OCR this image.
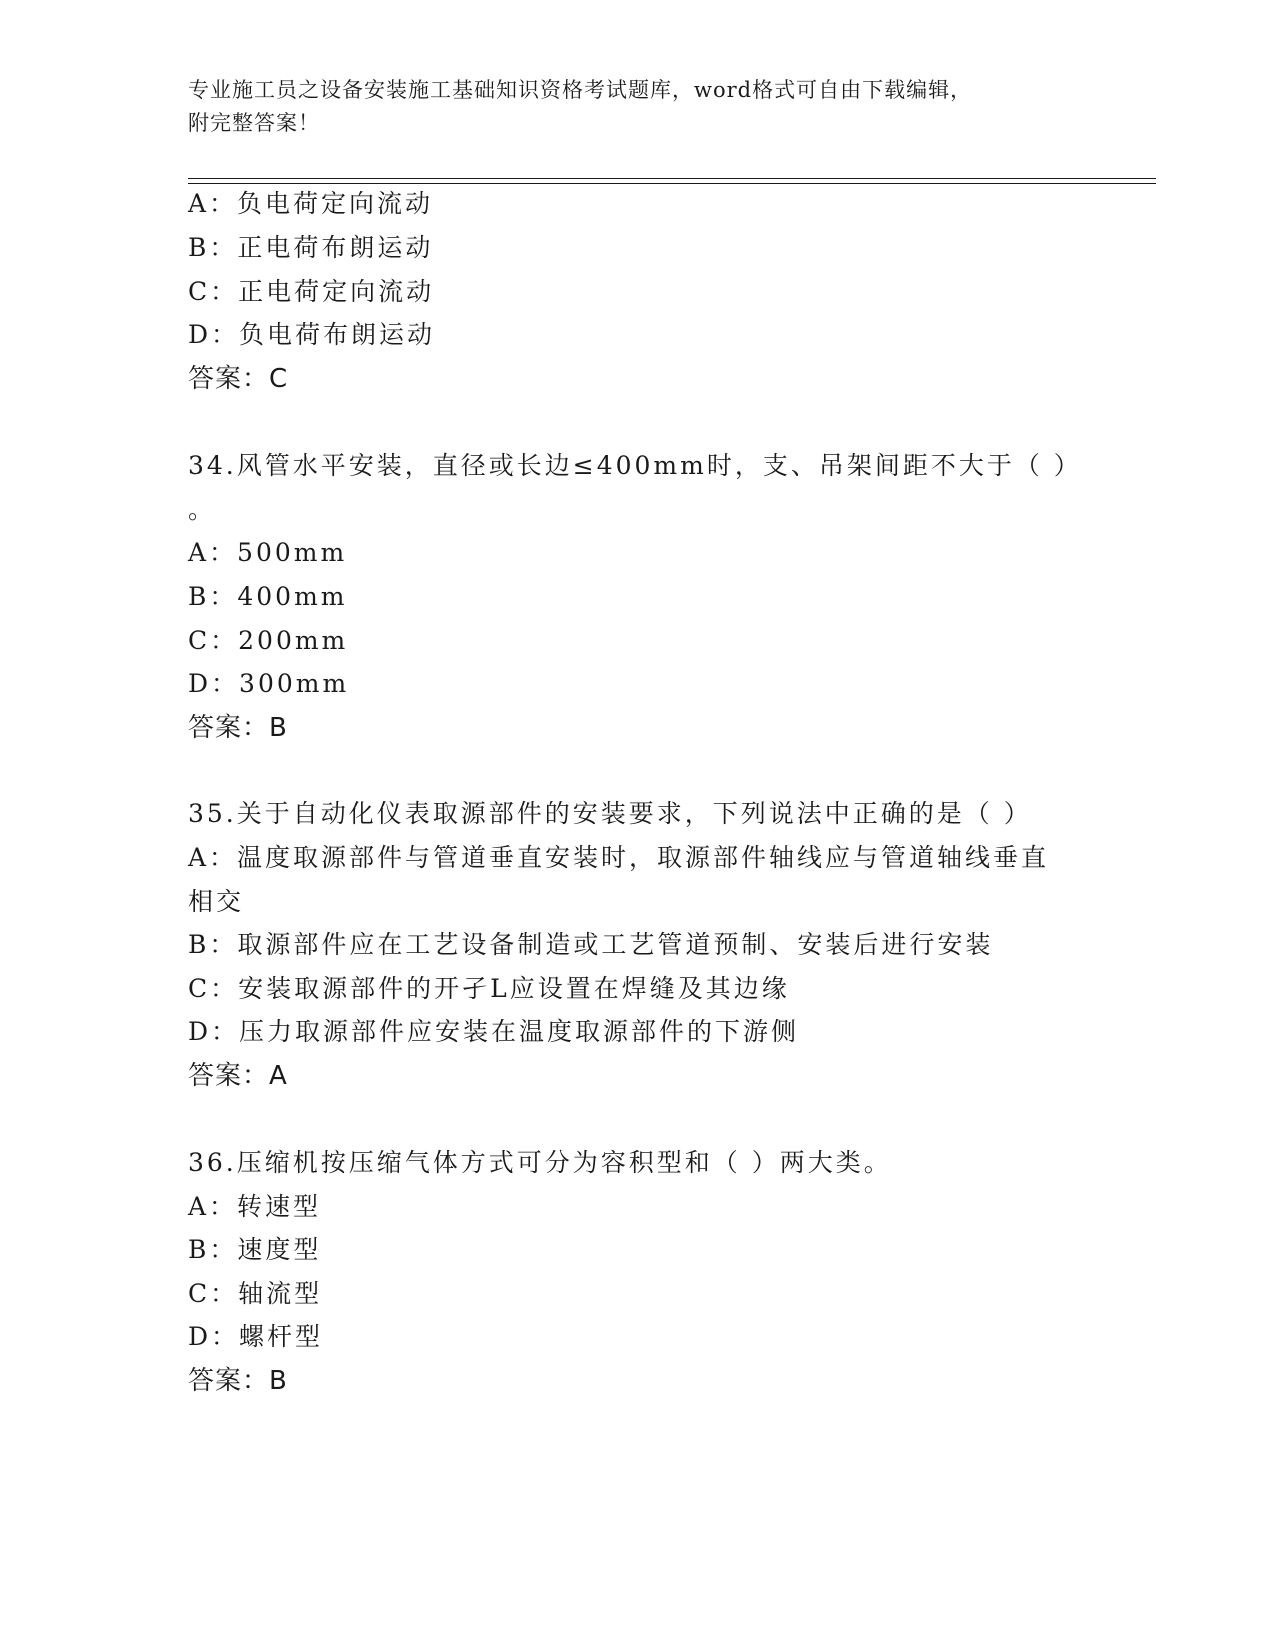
专业施工员之设备安装施工基础知识资格考试题库，word格式可自由下载编辑，
附完整答案！
A：负电荷定向流动
B：正电荷布朗运动
C：正电荷定向流动
D：负电荷布朗运动
答案：C
34.风管水平安装，直径或长边≤400mm时，支、吊架间距不大于（ ）
。
A：500mm
B：400mm
C：200mm
D：300mm
答案：B
35.关于自动化仪表取源部件的安装要求，下列说法中正确的是（ ）
A：温度取源部件与管道垂直安装时，取源部件轴线应与管道轴线垂直
相交
B：取源部件应在工艺设备制造或工艺管道预制、安装后进行安装
C：安装取源部件的开孑L应设置在焊缝及其边缘
D：压力取源部件应安装在温度取源部件的下游侧
答案：A
36.压缩机按压缩气体方式可分为容积型和（ ）两大类。
A：转速型
B：速度型
C：轴流型
D：螺杆型
答案：B
